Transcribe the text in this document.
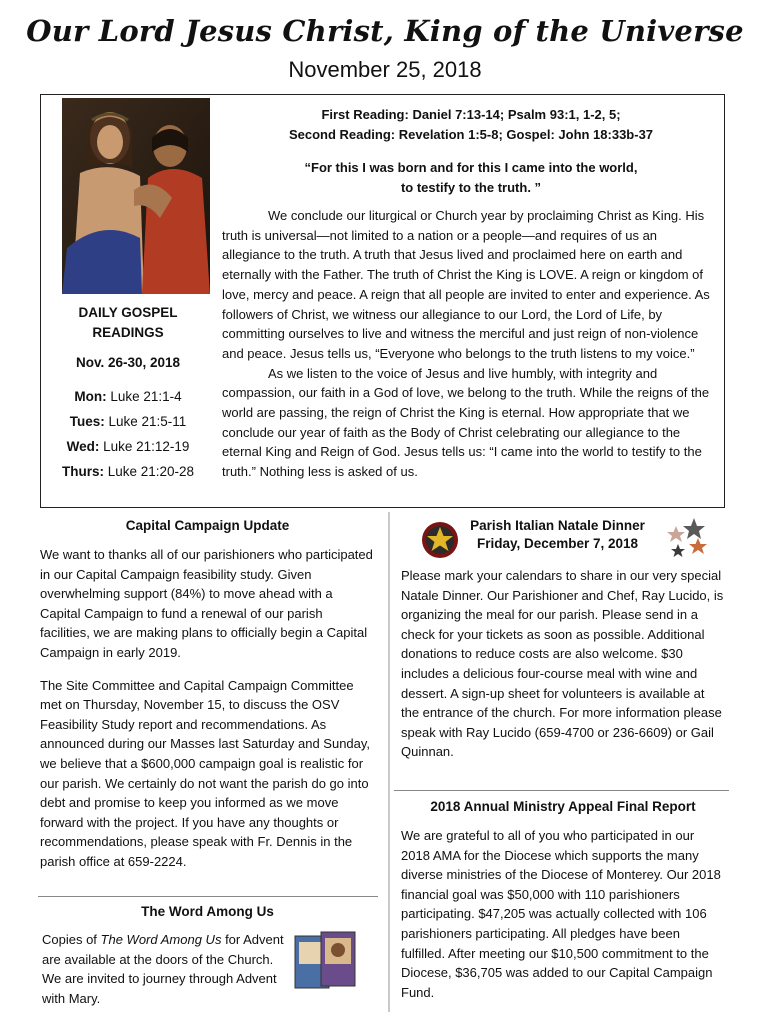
Our Lord Jesus Christ, King of the Universe
November 25, 2018
DAILY GOSPEL
READINGS
Nov. 26-30, 2018
Mon: Luke 21:1-4
Tues: Luke 21:5-11
Wed: Luke 21:12-19
Thurs: Luke 21:20-28
First Reading: Daniel 7:13-14; Psalm 93:1, 1-2, 5;
Second Reading: Revelation 1:5-8; Gospel: John 18:33b-37
“For this I was born and for this I came into the world,
to testify to the truth. ”

We conclude our liturgical or Church year by proclaiming Christ as King. His truth is universal—not limited to a nation or a people—and requires of us an allegiance to the truth. A truth that Jesus lived and proclaimed here on earth and eternally with the Father. The truth of Christ the King is LOVE. A reign or kingdom of love, mercy and peace. A reign that all people are invited to enter and experience. As followers of Christ, we witness our allegiance to our Lord, the Lord of Life, by committing ourselves to live and witness the merciful and just reign of non-violence and peace. Jesus tells us, “Everyone who belongs to the truth listens to my voice.”

As we listen to the voice of Jesus and live humbly, with integrity and compassion, our faith in a God of love, we belong to the truth. While the reigns of the world are passing, the reign of Christ the King is eternal. How appropriate that we conclude our year of faith as the Body of Christ celebrating our allegiance to the eternal King and Reign of God. Jesus tells us: “I came into the world to testify to the truth.” Nothing less is asked of us.

Capital Campaign Update

We want to thanks all of our parishioners who participated in our Capital Campaign feasibility study. Given overwhelming support (84%) to move ahead with a Capital Campaign to fund a renewal of our parish facilities, we are making plans to officially begin a Capital Campaign in early 2019.

The Site Committee and Capital Campaign Committee met on Thursday, November 15, to discuss the OSV Feasibility Study report and recommendations. As announced during our Masses last Saturday and Sunday, we believe that a $600,000 campaign goal is realistic for our parish. We certainly do not want the parish do go into debt and promise to keep you informed as we move forward with the project. If you have any thoughts or recommendations, please speak with Fr. Dennis in the parish office at 659-2224.

The Word Among Us
Copies of The Word Among Us for Advent are available at the doors of the Church. We are invited to journey through Advent with Mary.
Parish Italian Natale Dinner
Friday, December 7, 2018
Please mark your calendars to share in our very special Natale Dinner. Our Parishioner and Chef, Ray Lucido, is organizing the meal for our parish. Please send in a check for your tickets as soon as possible. Additional donations to reduce costs are also welcome. $30 includes a delicious four-course meal with wine and dessert. A sign-up sheet for volunteers is available at the entrance of the church. For more information please speak with Ray Lucido (659-4700 or 236-6609) or Gail Quinnan.
2018 Annual Ministry Appeal Final Report
We are grateful to all of you who participated in our 2018 AMA for the Diocese which supports the many diverse ministries of the Diocese of Monterey. Our 2018 financial goal was $50,000 with 110 parishioners participating. $47,205 was actually collected with 106 parishioners participating. All pledges have been fulfilled. After meeting our $10,500 commitment to the Diocese, $36,705 was added to our Capital Campaign Fund.
